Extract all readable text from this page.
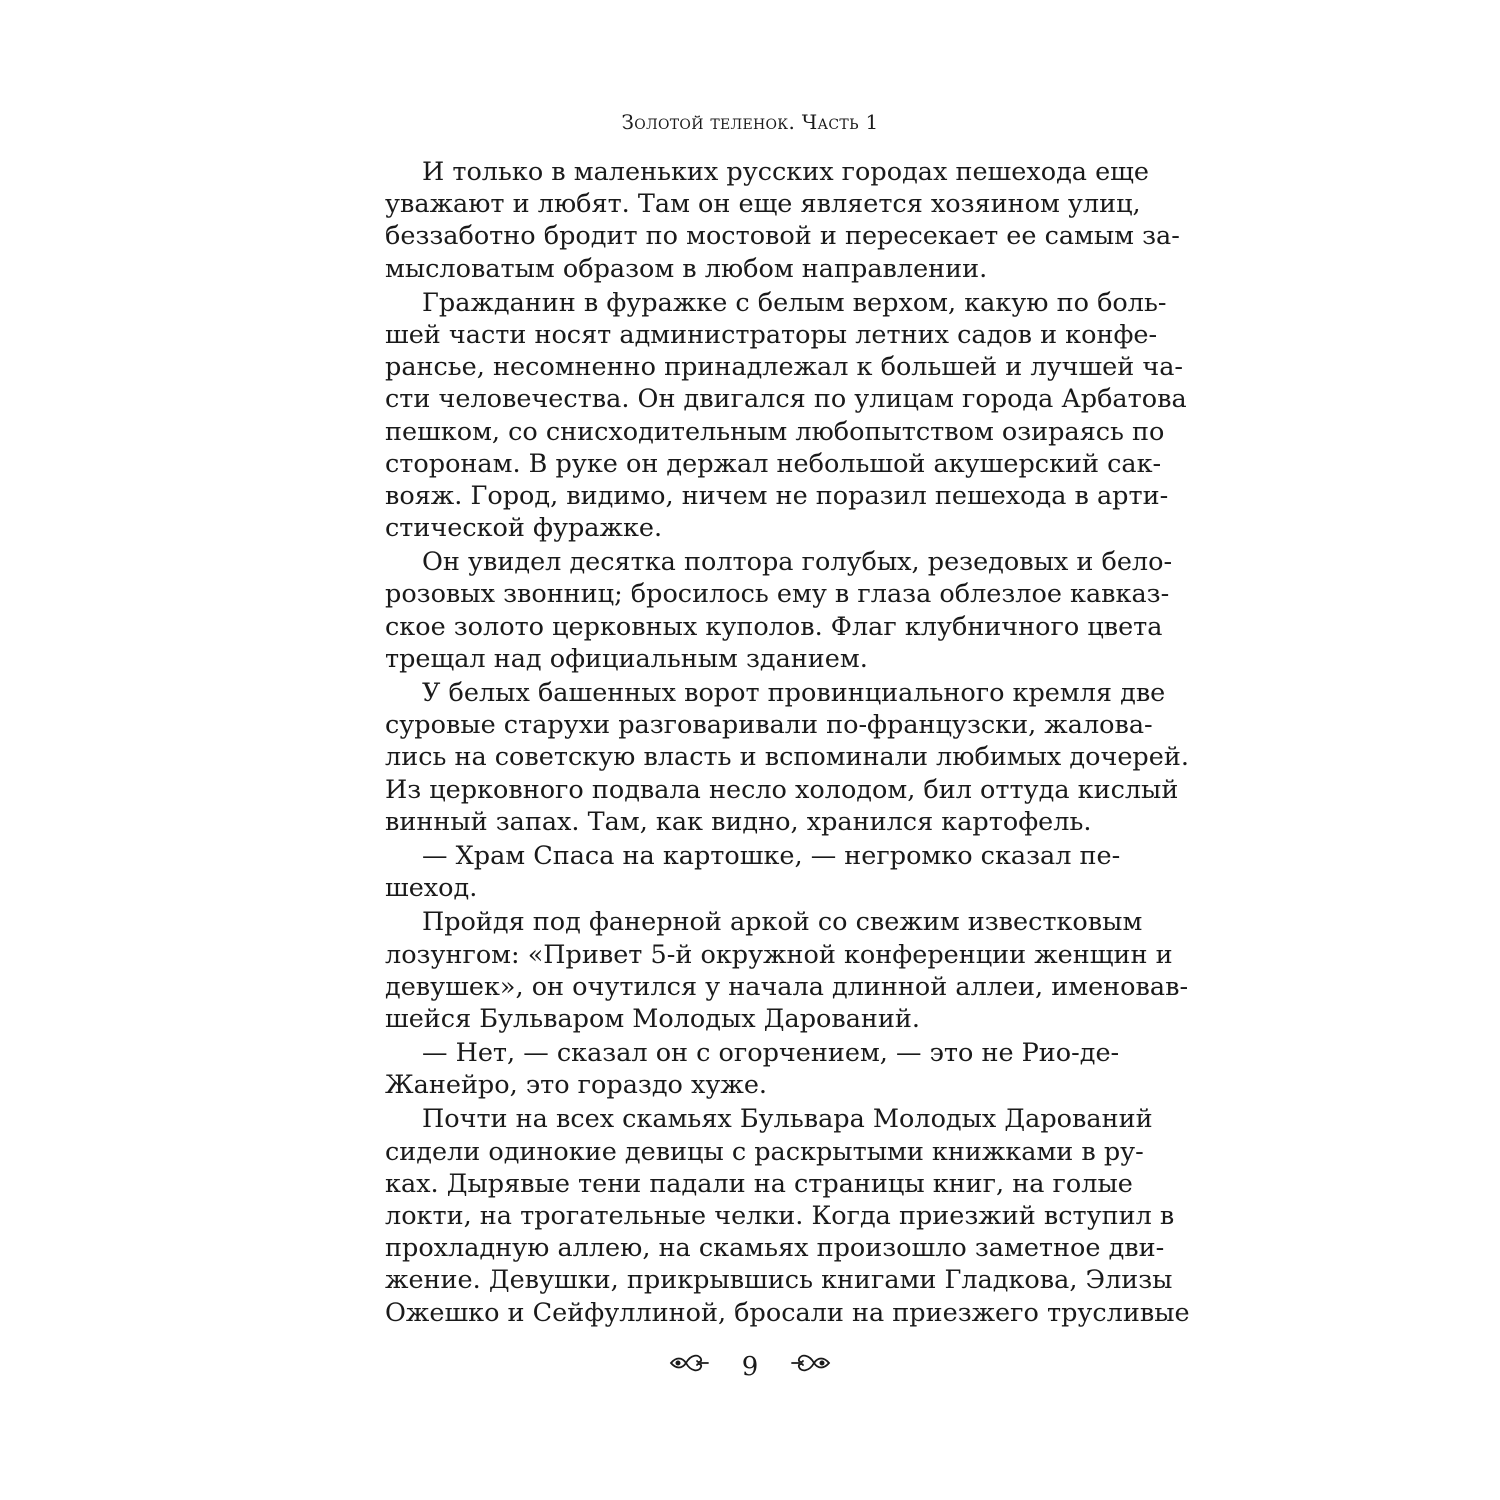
Золотой теленок. Часть 1
И только в маленьких русских городах пешехода еще
уважают и любят. Там он еще является хозяином улиц,
беззаботно бродит по мостовой и пересекает ее самым за-
мысловатым образом в любом направлении.
Гражданин в фуражке с белым верхом, какую по боль-
шей части носят администраторы летних садов и конфе-
рансье, несомненно принадлежал к большей и лучшей ча-
сти человечества. Он двигался по улицам города Арбатова
пешком, со снисходительным любопытством озираясь по
сторонам. В руке он держал небольшой акушерский сак-
вояж. Город, видимо, ничем не поразил пешехода в арти-
стической фуражке.
Он увидел десятка полтора голубых, резедовых и бело-
розовых звонниц; бросилось ему в глаза облезлое кавказ-
ское золото церковных куполов. Флаг клубничного цвета
трещал над официальным зданием.
У белых башенных ворот провинциального кремля две
суровые старухи разговаривали по-французски, жалова-
лись на советскую власть и вспоминали любимых дочерей.
Из церковного подвала несло холодом, бил оттуда кислый
винный запах. Там, как видно, хранился картофель.
— Храм Спаса на картошке, — негромко сказал пе-
шеход.
Пройдя под фанерной аркой со свежим известковым
лозунгом: «Привет 5-й окружной конференции женщин и
девушек», он очутился у начала длинной аллеи, именовав-
шейся Бульваром Молодых Дарований.
— Нет, — сказал он с огорчением, — это не Рио-де-
Жанейро, это гораздо хуже.
Почти на всех скамьях Бульвара Молодых Дарований
сидели одинокие девицы с раскрытыми книжками в ру-
ках. Дырявые тени падали на страницы книг, на голые
локти, на трогательные челки. Когда приезжий вступил в
прохладную аллею, на скамьях произошло заметное дви-
жение. Девушки, прикрывшись книгами Гладкова, Элизы
Ожешко и Сейфуллиной, бросали на приезжего трусливые
9
